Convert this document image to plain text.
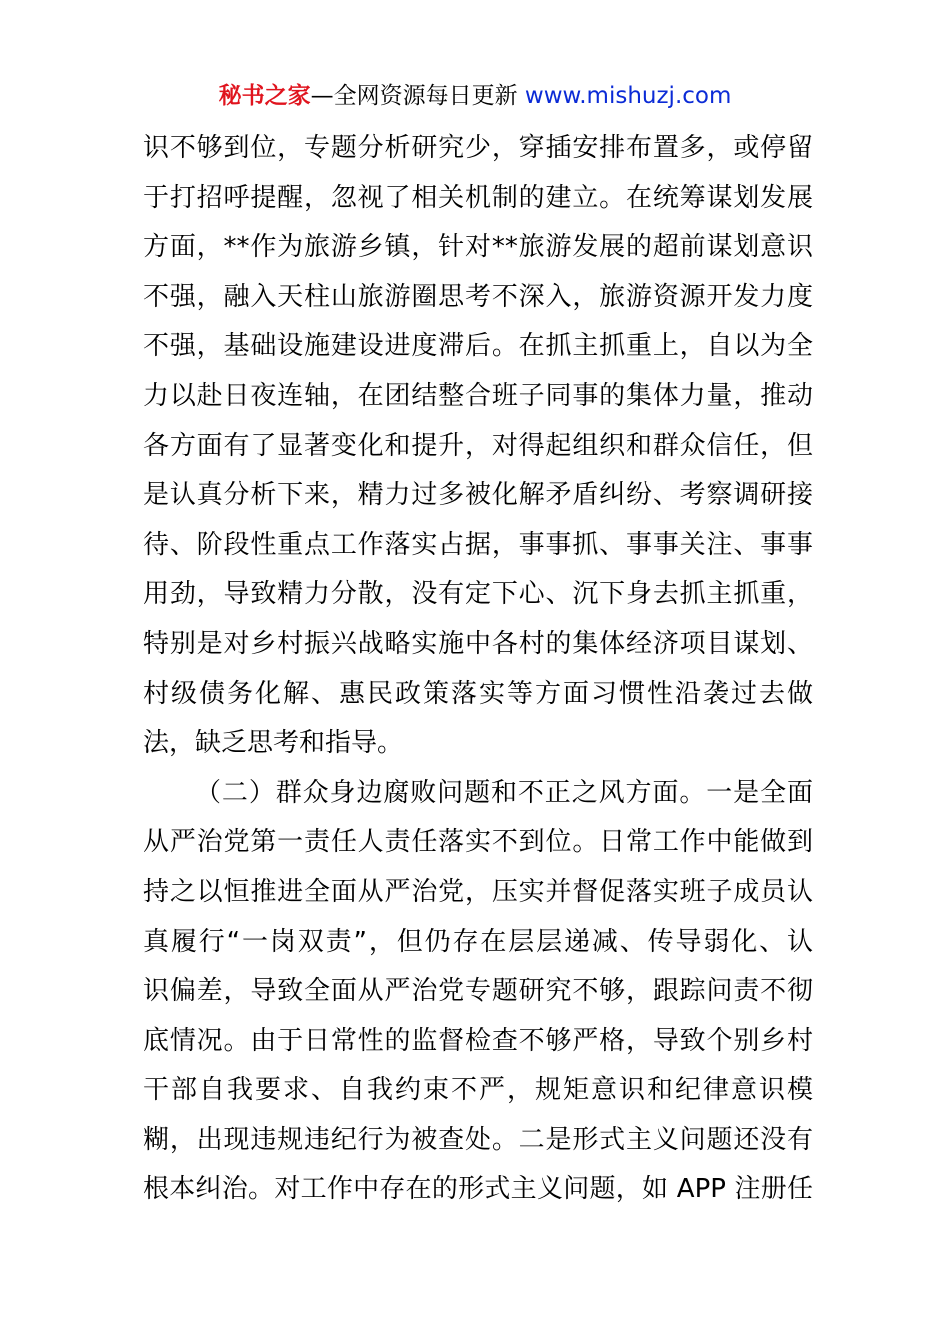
秘书之家—全网资源每日更新 www.mishuzj.com
识不够到位，专题分析研究少，穿插安排布置多，或停留
于打招呼提醒，忽视了相关机制的建立。在统筹谋划发展
方面，**作为旅游乡镇，针对**旅游发展的超前谋划意识
不强，融入天柱山旅游圈思考不深入，旅游资源开发力度
不强，基础设施建设进度滞后。在抓主抓重上，自以为全
力以赴日夜连轴，在团结整合班子同事的集体力量，推动
各方面有了显著变化和提升，对得起组织和群众信任，但
是认真分析下来，精力过多被化解矛盾纠纷、考察调研接
待、阶段性重点工作落实占据，事事抓、事事关注、事事
用劲，导致精力分散，没有定下心、沉下身去抓主抓重，
特别是对乡村振兴战略实施中各村的集体经济项目谋划、
村级债务化解、惠民政策落实等方面习惯性沿袭过去做
法，缺乏思考和指导。
（二）群众身边腐败问题和不正之风方面。一是全面
从严治党第一责任人责任落实不到位。日常工作中能做到
持之以恒推进全面从严治党，压实并督促落实班子成员认
真履行“一岗双责”，但仍存在层层递减、传导弱化、认
识偏差，导致全面从严治党专题研究不够，跟踪问责不彻
底情况。由于日常性的监督检查不够严格，导致个别乡村
干部自我要求、自我约束不严，规矩意识和纪律意识模
糊，出现违规违纪行为被查处。二是形式主义问题还没有
根本纠治。对工作中存在的形式主义问题，如 APP 注册任
